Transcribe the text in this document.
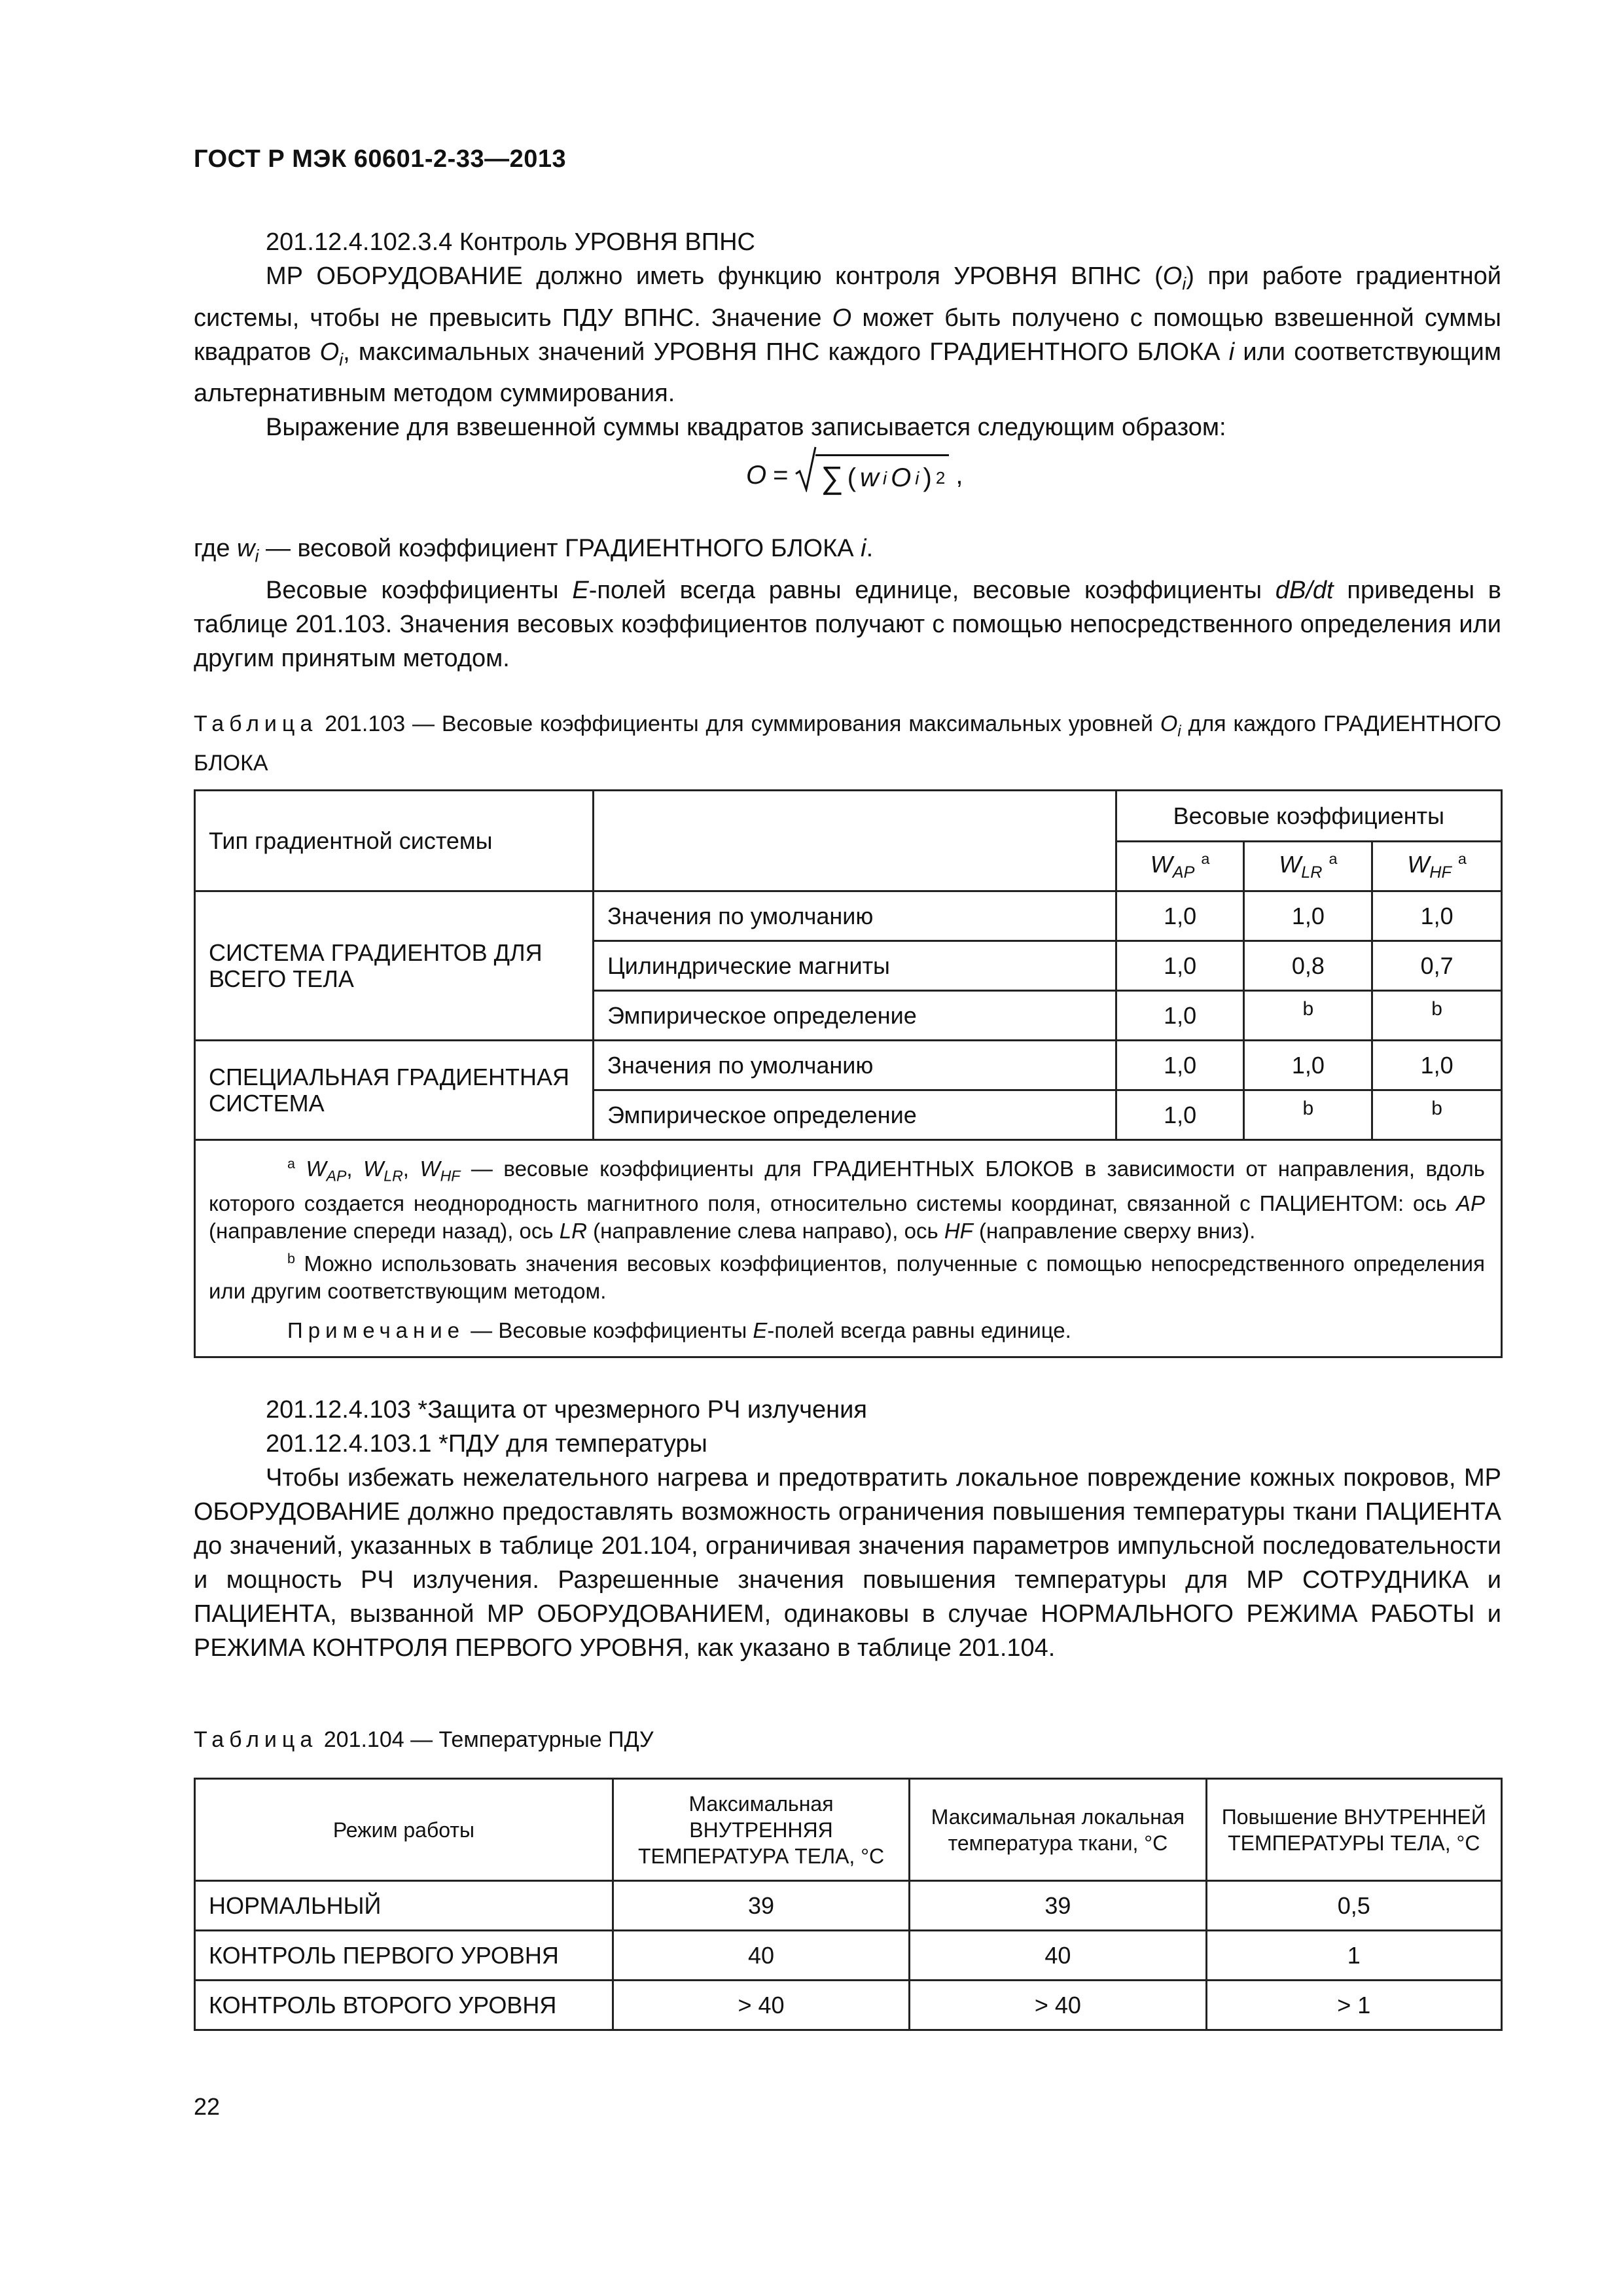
ГОСТ Р МЭК 60601-2-33—2013

201.12.4.102.3.4 Контроль УРОВНЯ ВПНС

МР ОБОРУДОВАНИЕ должно иметь функцию контроля УРОВНЯ ВПНС $(O_i)$ при работе градиентной системы, чтобы не превысить ПДУ ВПНС. Значение O может быть получено с помощью взвешенной суммы квадратов $O_i$, максимальных значений УРОВНЯ ПНС каждого ГРАДИЕНТНОГО БЛОКА i или соответствующим альтернативным методом суммирования.

Выражение для взвешенной суммы квадратов записывается следующим образом:

O = ∑ ( w i O i ) 2 ,

где $w_i$ — весовой коэффициент ГРАДИЕНТНОГО БЛОКА i.

Весовые коэффициенты E-полей всегда равны единице, весовые коэффициенты dB/dt приведены в таблице 201.103. Значения весовых коэффициентов получают с помощью непосредственного определения или другим принятым методом.

Таблица 201.103 — Весовые коэффициенты для суммирования максимальных уровней $O_i$ для каждого ГРАДИЕНТНОГО БЛОКА
Тип градиентной системы		Весовые коэффициенты		
		$W_{AP}$ $^a$	$W_{LR}$ $^a$	$W_{HF}$ $^a$
СИСТЕМА ГРАДИЕНТОВ ДЛЯ ВСЕГО ТЕЛА	Значения по умолчанию	1,0	1,0	1,0
	Цилиндрические магниты	1,0	0,8	0,7
	Эмпирическое определение	1,0	b	b
СПЕЦИАЛЬНАЯ ГРАДИЕНТНАЯ СИСТЕМА	Значения по умолчанию	1,0	1,0	1,0
	Эмпирическое определение	1,0	b	b

$^a$ $W_{AP}$, $W_{LR}$, $W_{HF}$ — весовые коэффициенты для ГРАДИЕНТНЫХ БЛОКОВ в зависимости от направления, вдоль которого создается неоднородность магнитного поля, относительно системы координат, связанной с ПАЦИЕНТОМ: ось AP (направление спереди назад), ось LR (направление слева направо), ось HF (направление сверху вниз).

$^b$ Можно использовать значения весовых коэффициентов, полученные с помощью непосредственного определения или другим соответствующим методом.

Примечание — Весовые коэффициенты E-полей всегда равны единице.				

201.12.4.103 *Защита от чрезмерного РЧ излучения

201.12.4.103.1 *ПДУ для температуры

Чтобы избежать нежелательного нагрева и предотвратить локальное повреждение кожных покровов, МР ОБОРУДОВАНИЕ должно предоставлять возможность ограничения повышения температуры ткани ПАЦИЕНТА до значений, указанных в таблице 201.104, ограничивая значения параметров импульсной последовательности и мощность РЧ излучения. Разрешенные значения повышения температуры для МР СОТРУДНИКА и ПАЦИЕНТА, вызванной МР ОБОРУДОВАНИЕМ, одинаковы в случае НОРМАЛЬНОГО РЕЖИМА РАБОТЫ и РЕЖИМА КОНТРОЛЯ ПЕРВОГО УРОВНЯ, как указано в таблице 201.104.

Таблица 201.104 — Температурные ПДУ
Режим работы	Максимальная ВНУТРЕННЯЯ ТЕМПЕРАТУРА ТЕЛА, °С	Максимальная локальная температура ткани, °С	Повышение ВНУТРЕННЕЙ ТЕМПЕРАТУРЫ ТЕЛА, °С
НОРМАЛЬНЫЙ	39	39	0,5
КОНТРОЛЬ ПЕРВОГО УРОВНЯ	40	40	1
КОНТРОЛЬ ВТОРОГО УРОВНЯ	> 40	> 40	> 1
22
